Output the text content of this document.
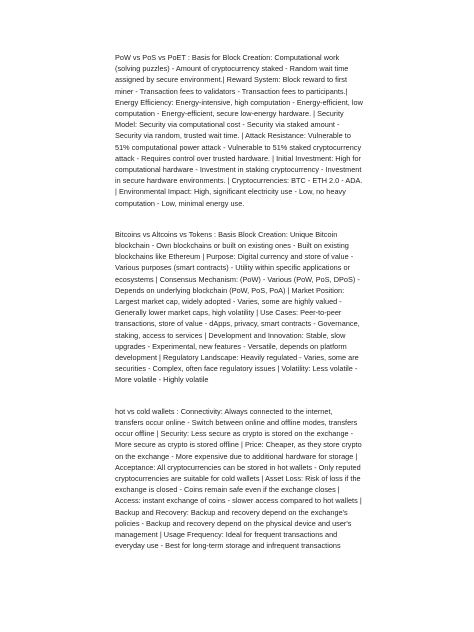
PoW vs PoS vs PoET : Basis for Block Creation: Computational work (solving puzzles) - Amount of cryptocurrency staked - Random wait time assigned by secure environment.| Reward System: Block reward to first miner - Transaction fees to validators - Transaction fees to participants.| Energy Efficiency: Energy-intensive, high computation - Energy-efficient, low computation - Energy-efficient, secure low-energy hardware. | Security Model: Security via computational cost - Security via staked amount - Security via random, trusted wait time. | Attack Resistance: Vulnerable to 51% computational power attack - Vulnerable to 51% staked cryptocurrency attack - Requires control over trusted hardware. | Initial Investment: High for computational hardware - Investment in staking cryptocurrency - Investment in secure hardware environments. | Cryptocurrencies: BTC - ETH 2.0 - ADA. | Environmental Impact: High, significant electricity use - Low, no heavy computation - Low, minimal energy use.

Bitcoins vs Altcoins vs Tokens : Basis Block Creation: Unique Bitcoin blockchain - Own blockchains or built on existing ones - Built on existing blockchains like Ethereum | Purpose: Digital currency and store of value - Various purposes (smart contracts) - Utility within specific applications or ecosystems | Consensus Mechanism: (PoW) - Various (PoW, PoS, DPoS) - Depends on underlying blockchain (PoW, PoS, PoA) | Market Position: Largest market cap, widely adopted - Varies, some are highly valued - Generally lower market caps, high volatility | Use Cases: Peer-to-peer transactions, store of value - dApps, privacy, smart contracts - Governance, staking, access to services | Development and Innovation: Stable, slow upgrades - Experimental, new features - Versatile, depends on platform development | Regulatory Landscape: Heavily regulated - Varies, some are securities - Complex, often face regulatory issues | Volatility: Less volatile - More volatile - Highly volatile

hot vs cold wallets : Connectivity: Always connected to the internet, transfers occur online - Switch between online and offline modes, transfers occur offline | Security: Less secure as crypto is stored on the exchange - More secure as crypto is stored offline | Price: Cheaper, as they store crypto on the exchange - More expensive due to additional hardware for storage | Acceptance: All cryptocurrencies can be stored in hot wallets - Only reputed cryptocurrencies are suitable for cold wallets | Asset Loss: Risk of loss if the exchange is closed - Coins remain safe even if the exchange closes | Access: instant exchange of coins - slower access compared to hot wallets | Backup and Recovery: Backup and recovery depend on the exchange's policies - Backup and recovery depend on the physical device and user's management | Usage Frequency: Ideal for frequent transactions and everyday use - Best for long-term storage and infrequent transactions
